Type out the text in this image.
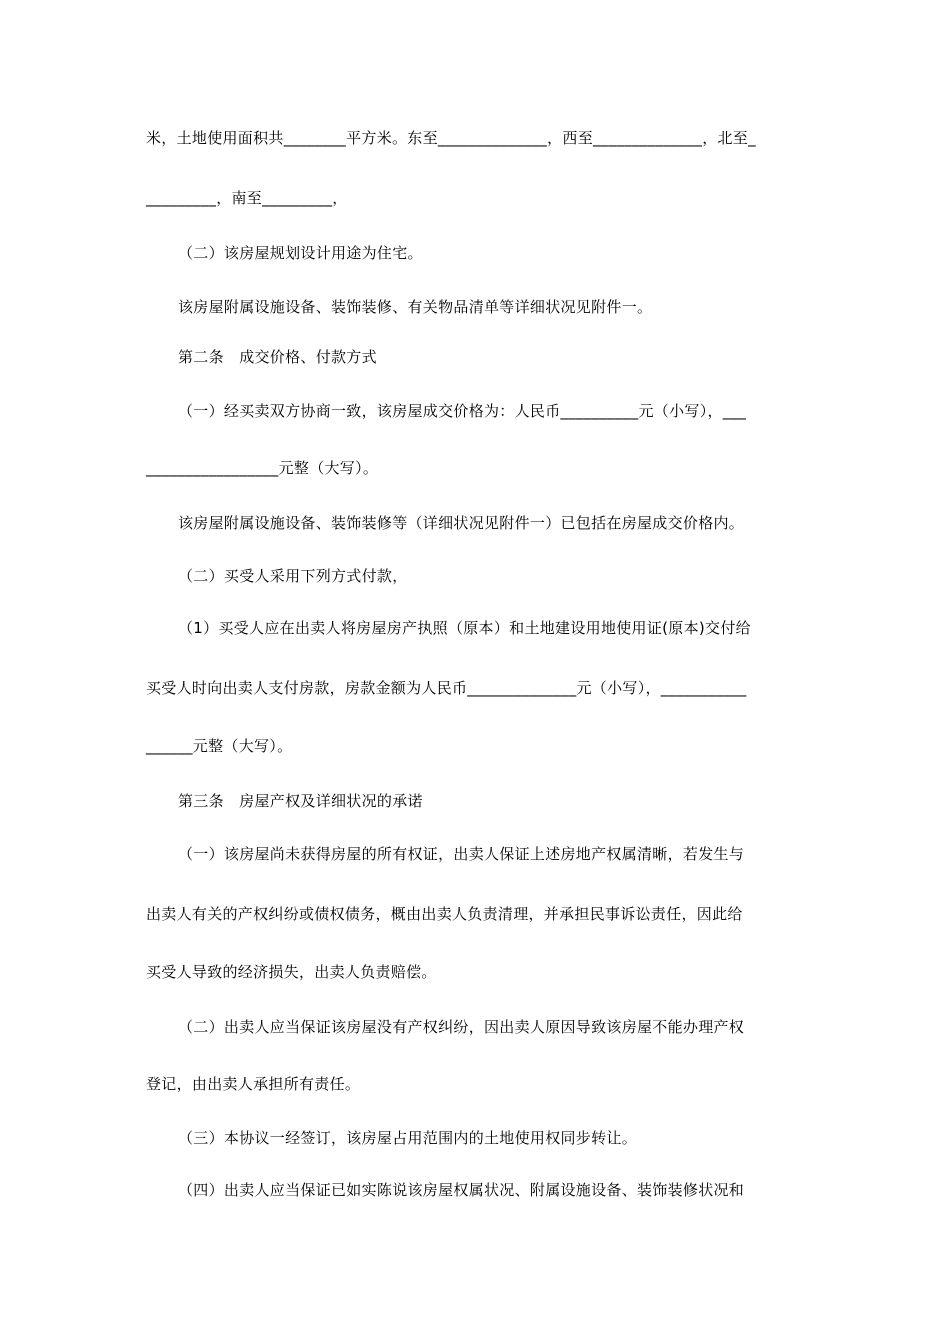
米，土地使用面积共________平方米。东至______________，西至______________，北至_
_________，南至_________，
（二）该房屋规划设计用途为住宅。
该房屋附属设施设备、装饰装修、有关物品清单等详细状况见附件一。
第二条　成交价格、付款方式
（一）经买卖双方协商一致，该房屋成交价格为：人民币__________元（小写），___
_________________元整（大写）。
该房屋附属设施设备、装饰装修等（详细状况见附件一）已包括在房屋成交价格内。
（二）买受人采用下列方式付款，
（1）买受人应在出卖人将房屋房产执照（原本）和土地建设用地使用证(原本)交付给
买受人时向出卖人支付房款，房款金额为人民币______________元（小写），___________
______元整（大写）。
第三条　房屋产权及详细状况的承诺
（一）该房屋尚未获得房屋的所有权证，出卖人保证上述房地产权属清晰，若发生与
出卖人有关的产权纠纷或债权债务，概由出卖人负责清理，并承担民事诉讼责任，因此给
买受人导致的经济损失，出卖人负责赔偿。
（二）出卖人应当保证该房屋没有产权纠纷，因出卖人原因导致该房屋不能办理产权
登记，由出卖人承担所有责任。
（三）本协议一经签订，该房屋占用范围内的土地使用权同步转让。
（四）出卖人应当保证已如实陈说该房屋权属状况、附属设施设备、装饰装修状况和
